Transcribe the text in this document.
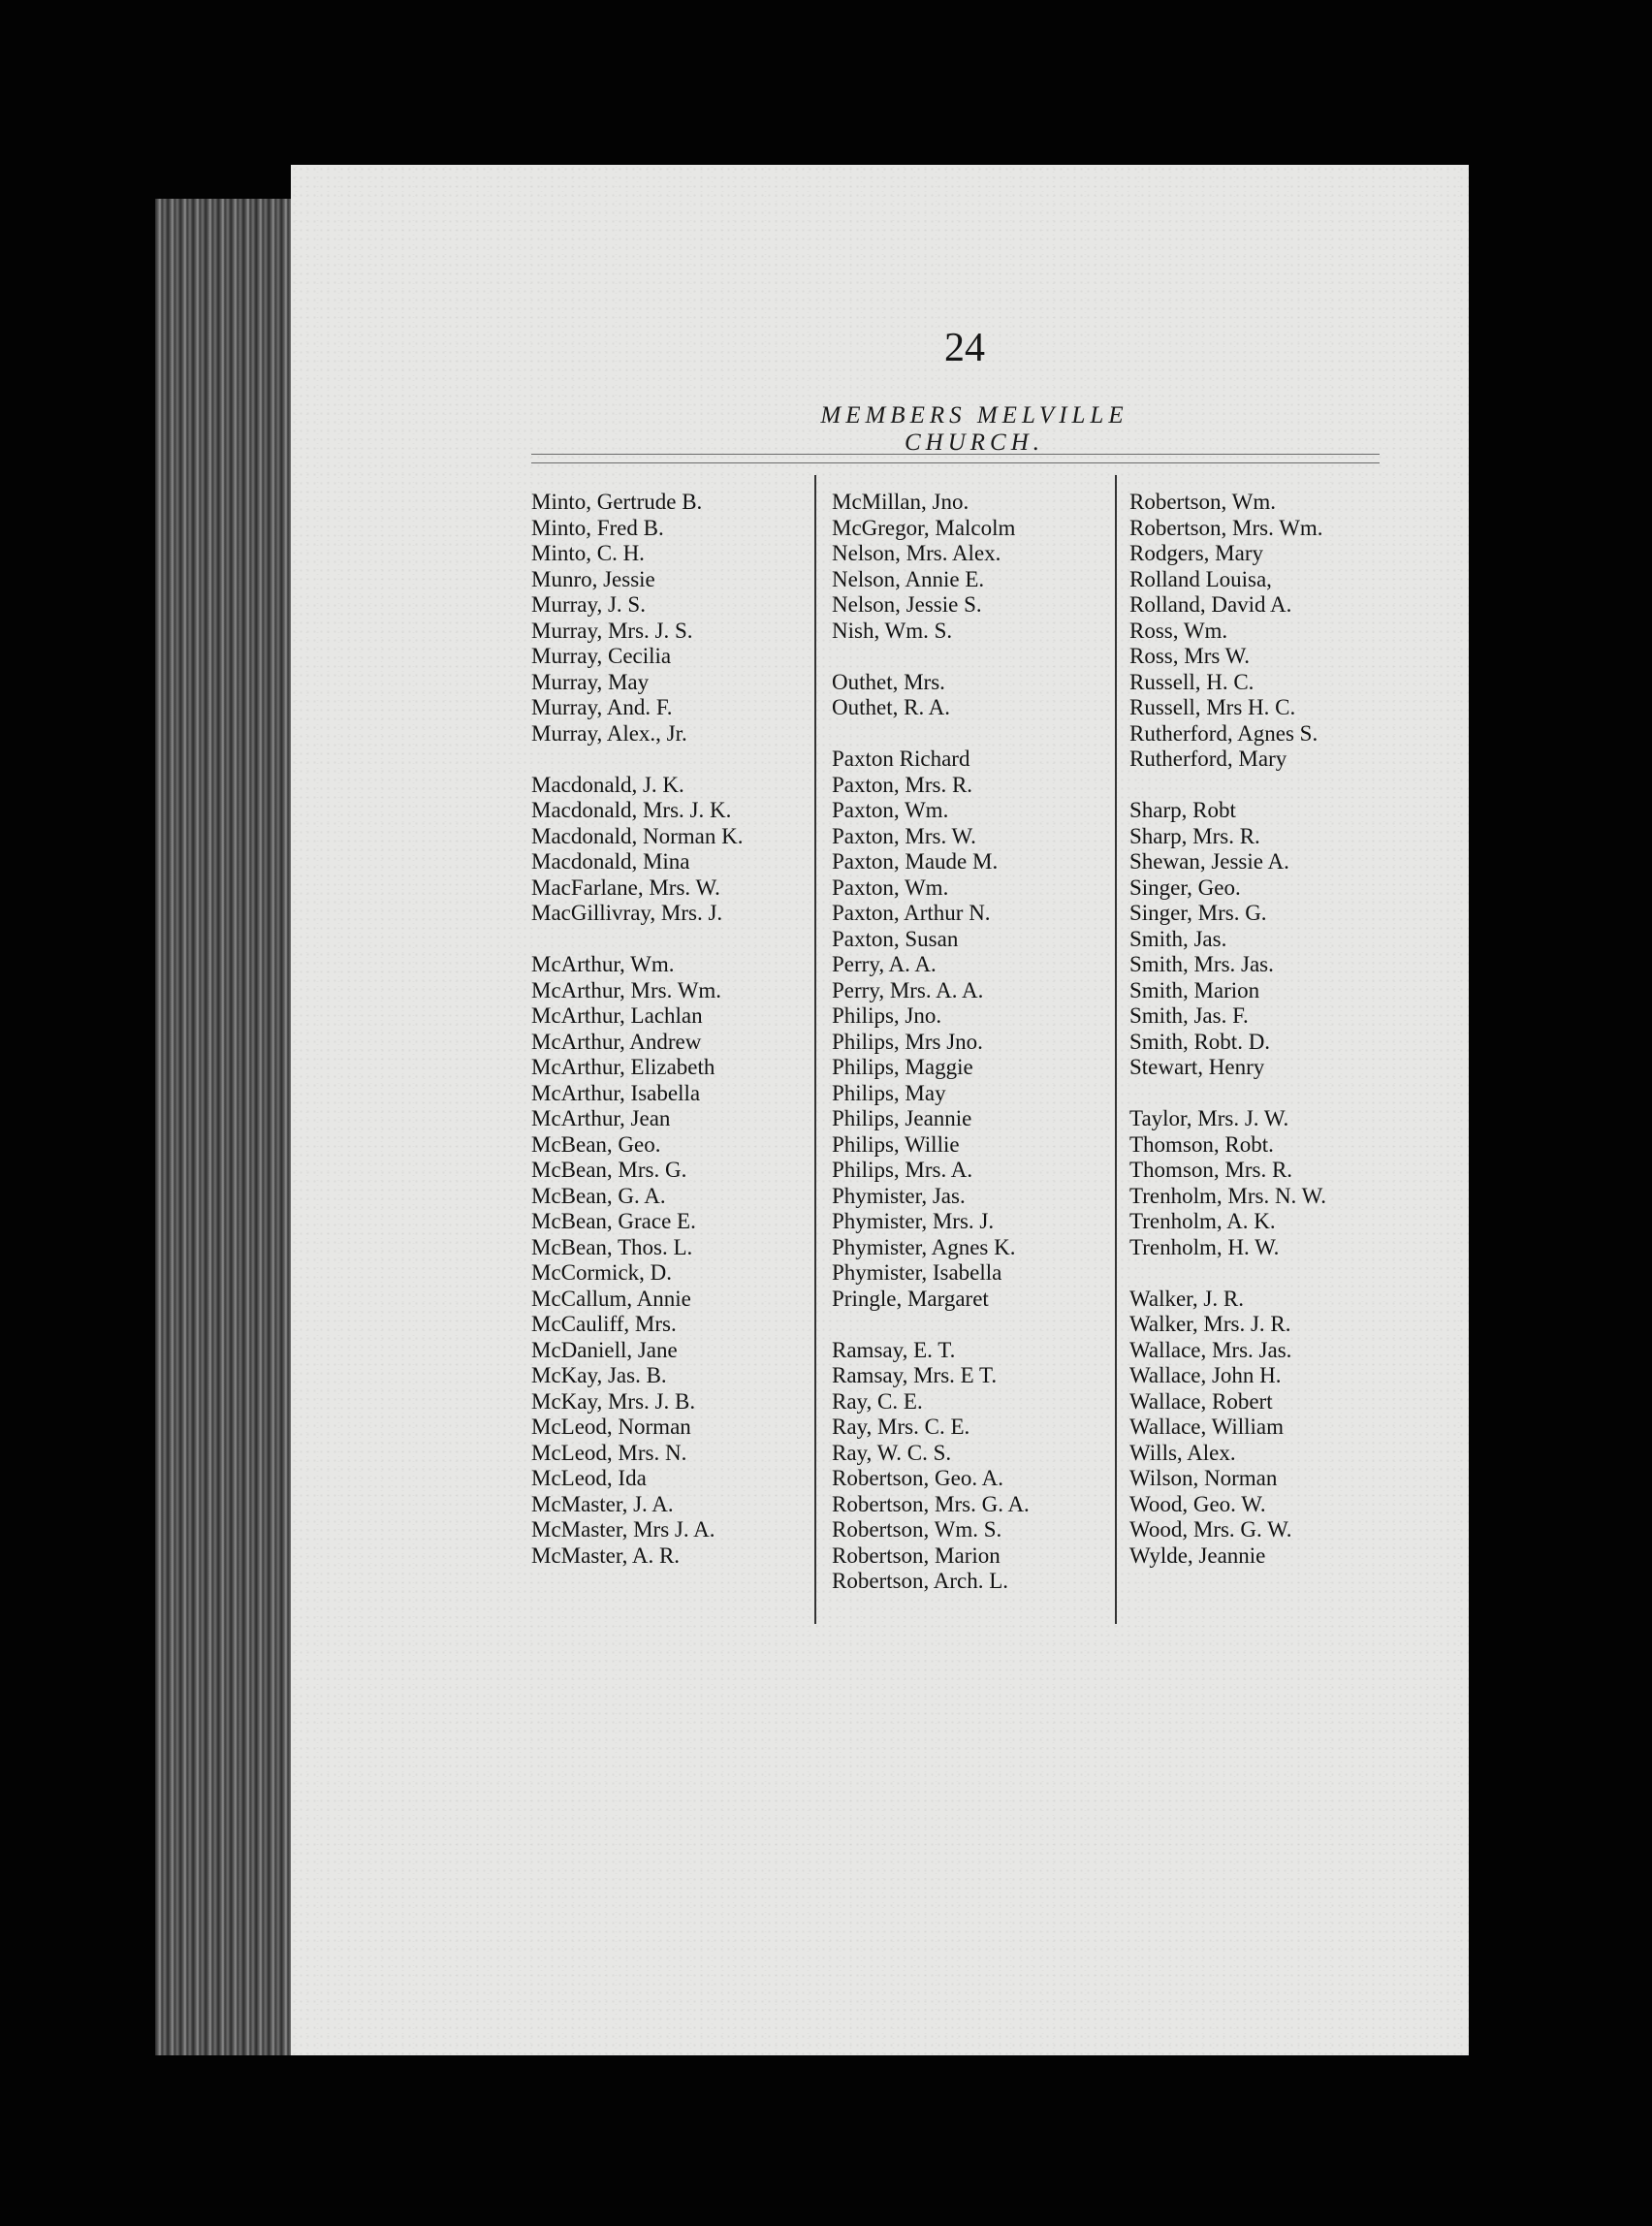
24
MEMBERS MELVILLE CHURCH.
Minto, Gertrude B.
Minto, Fred B.
Minto, C. H.
Munro, Jessie
Murray, J. S.
Murray, Mrs. J. S.
Murray, Cecilia
Murray, May
Murray, And. F.
Murray, Alex., Jr.
Macdonald, J. K.
Macdonald, Mrs. J. K.
Macdonald, Norman K.
Macdonald, Mina
MacFarlane, Mrs. W.
MacGillivray, Mrs. J.
McArthur, Wm.
McArthur, Mrs. Wm.
McArthur, Lachlan
McArthur, Andrew
McArthur, Elizabeth
McArthur, Isabella
McArthur, Jean
McBean, Geo.
McBean, Mrs. G.
McBean, G. A.
McBean, Grace E.
McBean, Thos. L.
McCormick, D.
McCallum, Annie
McCauliff, Mrs.
McDaniell, Jane
McKay, Jas. B.
McKay, Mrs. J. B.
McLeod, Norman
McLeod, Mrs. N.
McLeod, Ida
McMaster, J. A.
McMaster, Mrs J. A.
McMaster, A. R.
McMillan, Jno.
McGregor, Malcolm
Nelson, Mrs. Alex.
Nelson, Annie E.
Nelson, Jessie S.
Nish, Wm. S.
Outhet, Mrs.
Outhet, R. A.
Paxton Richard
Paxton, Mrs. R.
Paxton, Wm.
Paxton, Mrs. W.
Paxton, Maude M.
Paxton, Wm.
Paxton, Arthur N.
Paxton, Susan
Perry, A. A.
Perry, Mrs. A. A.
Philips, Jno.
Philips, Mrs Jno.
Philips, Maggie
Philips, May
Philips, Jeannie
Philips, Willie
Philips, Mrs. A.
Phymister, Jas.
Phymister, Mrs. J.
Phymister, Agnes K.
Phymister, Isabella
Pringle, Margaret
Ramsay, E. T.
Ramsay, Mrs. E T.
Ray, C. E.
Ray, Mrs. C. E.
Ray, W. C. S.
Robertson, Geo. A.
Robertson, Mrs. G. A.
Robertson, Wm. S.
Robertson, Marion
Robertson, Arch. L.
Robertson, Wm.
Robertson, Mrs. Wm.
Rodgers, Mary
Rolland Louisa,
Rolland, David A.
Ross, Wm.
Ross, Mrs W.
Russell, H. C.
Russell, Mrs H. C.
Rutherford, Agnes S.
Rutherford, Mary
Sharp, Robt
Sharp, Mrs. R.
Shewan, Jessie A.
Singer, Geo.
Singer, Mrs. G.
Smith, Jas.
Smith, Mrs. Jas.
Smith, Marion
Smith, Jas. F.
Smith, Robt. D.
Stewart, Henry
Taylor, Mrs. J. W.
Thomson, Robt.
Thomson, Mrs. R.
Trenholm, Mrs. N. W.
Trenholm, A. K.
Trenholm, H. W.
Walker, J. R.
Walker, Mrs. J. R.
Wallace, Mrs. Jas.
Wallace, John H.
Wallace, Robert
Wallace, William
Wills, Alex.
Wilson, Norman
Wood, Geo. W.
Wood, Mrs. G. W.
Wylde, Jeannie
